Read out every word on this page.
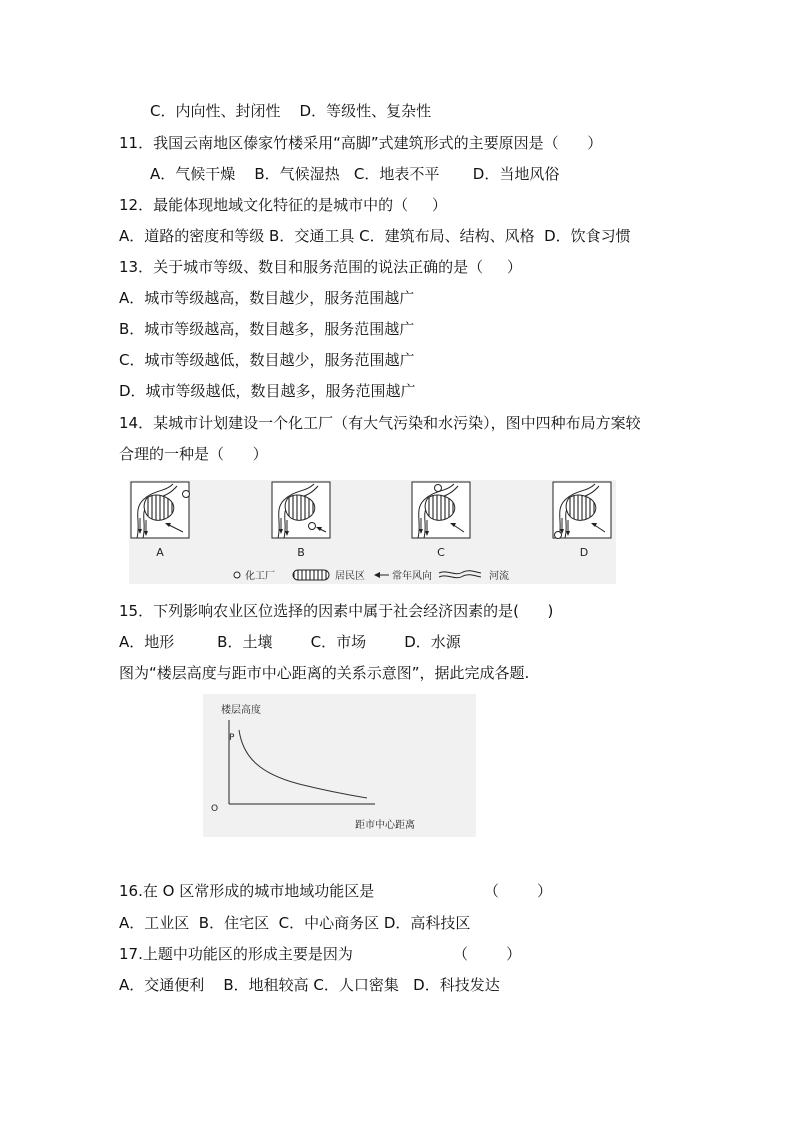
C．内向性、封闭性    D．等级性、复杂性
11．我国云南地区傣家竹楼采用“高脚”式建筑形式的主要原因是（      ）
A．气候干燥    B．气候湿热   C．地表不平       D．当地风俗
12．最能体现地域文化特征的是城市中的（     ）
A．道路的密度和等级 B．交通工具 C．建筑布局、结构、风格  D．饮食习惯
13．关于城市等级、数目和服务范围的说法正确的是（     ）
A．城市等级越高，数目越少，服务范围越广
B．城市等级越高，数目越多，服务范围越广
C．城市等级越低，数目越少，服务范围越广
D．城市等级越低，数目越多，服务范围越广
14．某城市计划建设一个化工厂（有大气污染和水污染），图中四种布局方案较
合理的一种是（      ）
A	B	C	D
化工厂	居民区	常年风向	河流
15．下列影响农业区位选择的因素中属于社会经济因素的是(      )
A．地形         B．土壤        C．市场        D．水源
图为“楼层高度与距市中心距离的关系示意图”，据此完成各题.
楼层高度
P
O
距市中心距离
16.在 O 区常形成的城市地域功能区是                       （        ）
A．工业区  B．住宅区  C．中心商务区 D．高科技区
17.上题中功能区的形成主要是因为                     （        ）
A．交通便利    B．地租较高 C．人口密集   D．科技发达
